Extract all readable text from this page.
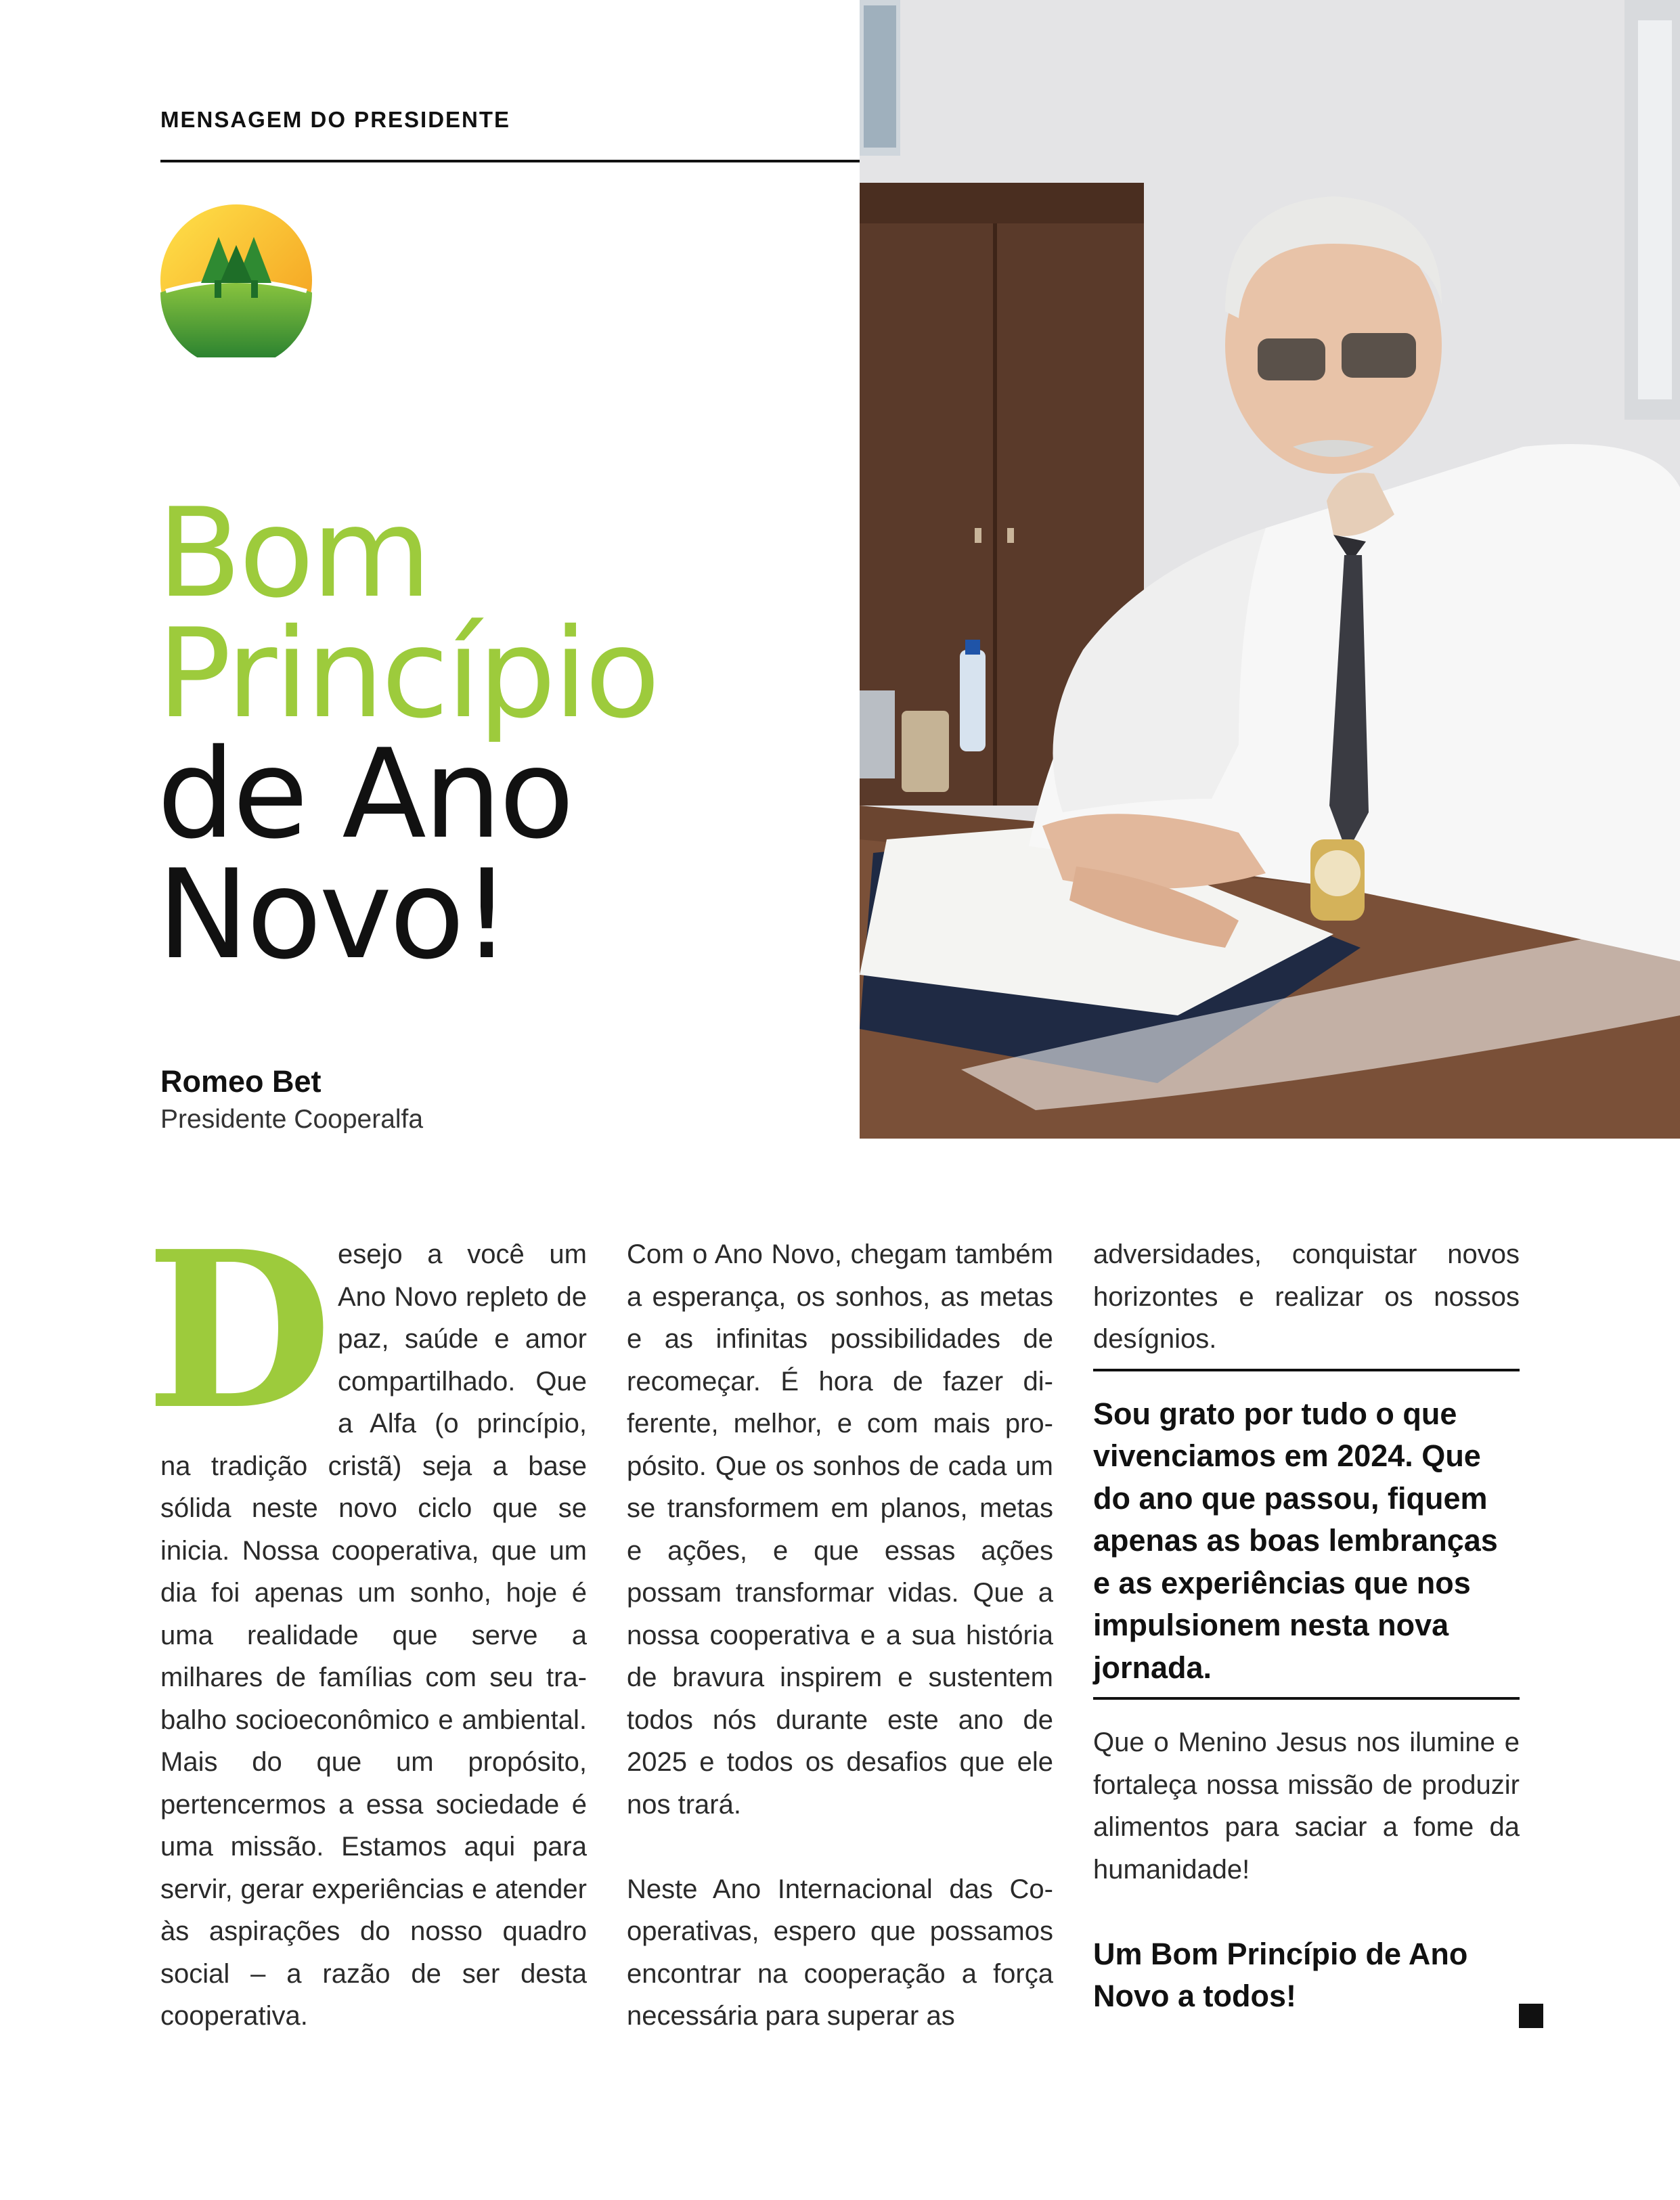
MENSAGEM DO PRESIDENTE
Bom
Princípio
de Ano
Novo!
Romeo Bet
Presidente Cooperalfa
D esejo a você um Ano Novo repleto de paz, saúde e amor compartilhado. Que a Alfa (o princípio, na tradição cristã) seja a base sólida neste novo ciclo que se inicia. Nossa cooperativa, que um dia foi apenas um sonho, hoje é uma realidade que serve a milhares de famílias com seu trabalho socioeconômico e ambiental. Mais do que um propósito, pertencermos a essa sociedade é uma missão. Estamos aqui para servir, gerar experiências e atender às aspirações do nosso quadro social – a razão de ser desta cooperativa.

Com o Ano Novo, chegam também a esperança, os sonhos, as metas e as infinitas possibilidades de recomeçar. É hora de fazer diferente, melhor, e com mais propósito. Que os sonhos de cada um se transformem em planos, metas e ações, e que essas ações possam transformar vidas. Que a nossa cooperativa e a sua história de bravura inspirem e sustentem todos nós durante este ano de 2025 e todos os desafios que ele nos trará.

Neste Ano Internacional das Cooperativas, espero que possamos encontrar na cooperação a força necessária para superar as

adversidades, conquistar novos horizontes e realizar os nossos desígnios.

Sou grato por tudo o que vivenciamos em 2024. Que do ano que passou, fiquem apenas as boas lembranças e as experiências que nos impulsionem nesta nova jornada.

Que o Menino Jesus nos ilumine e fortaleça nossa missão de produzir alimentos para saciar a fome da humanidade!

Um Bom Princípio de Ano Novo a todos!
